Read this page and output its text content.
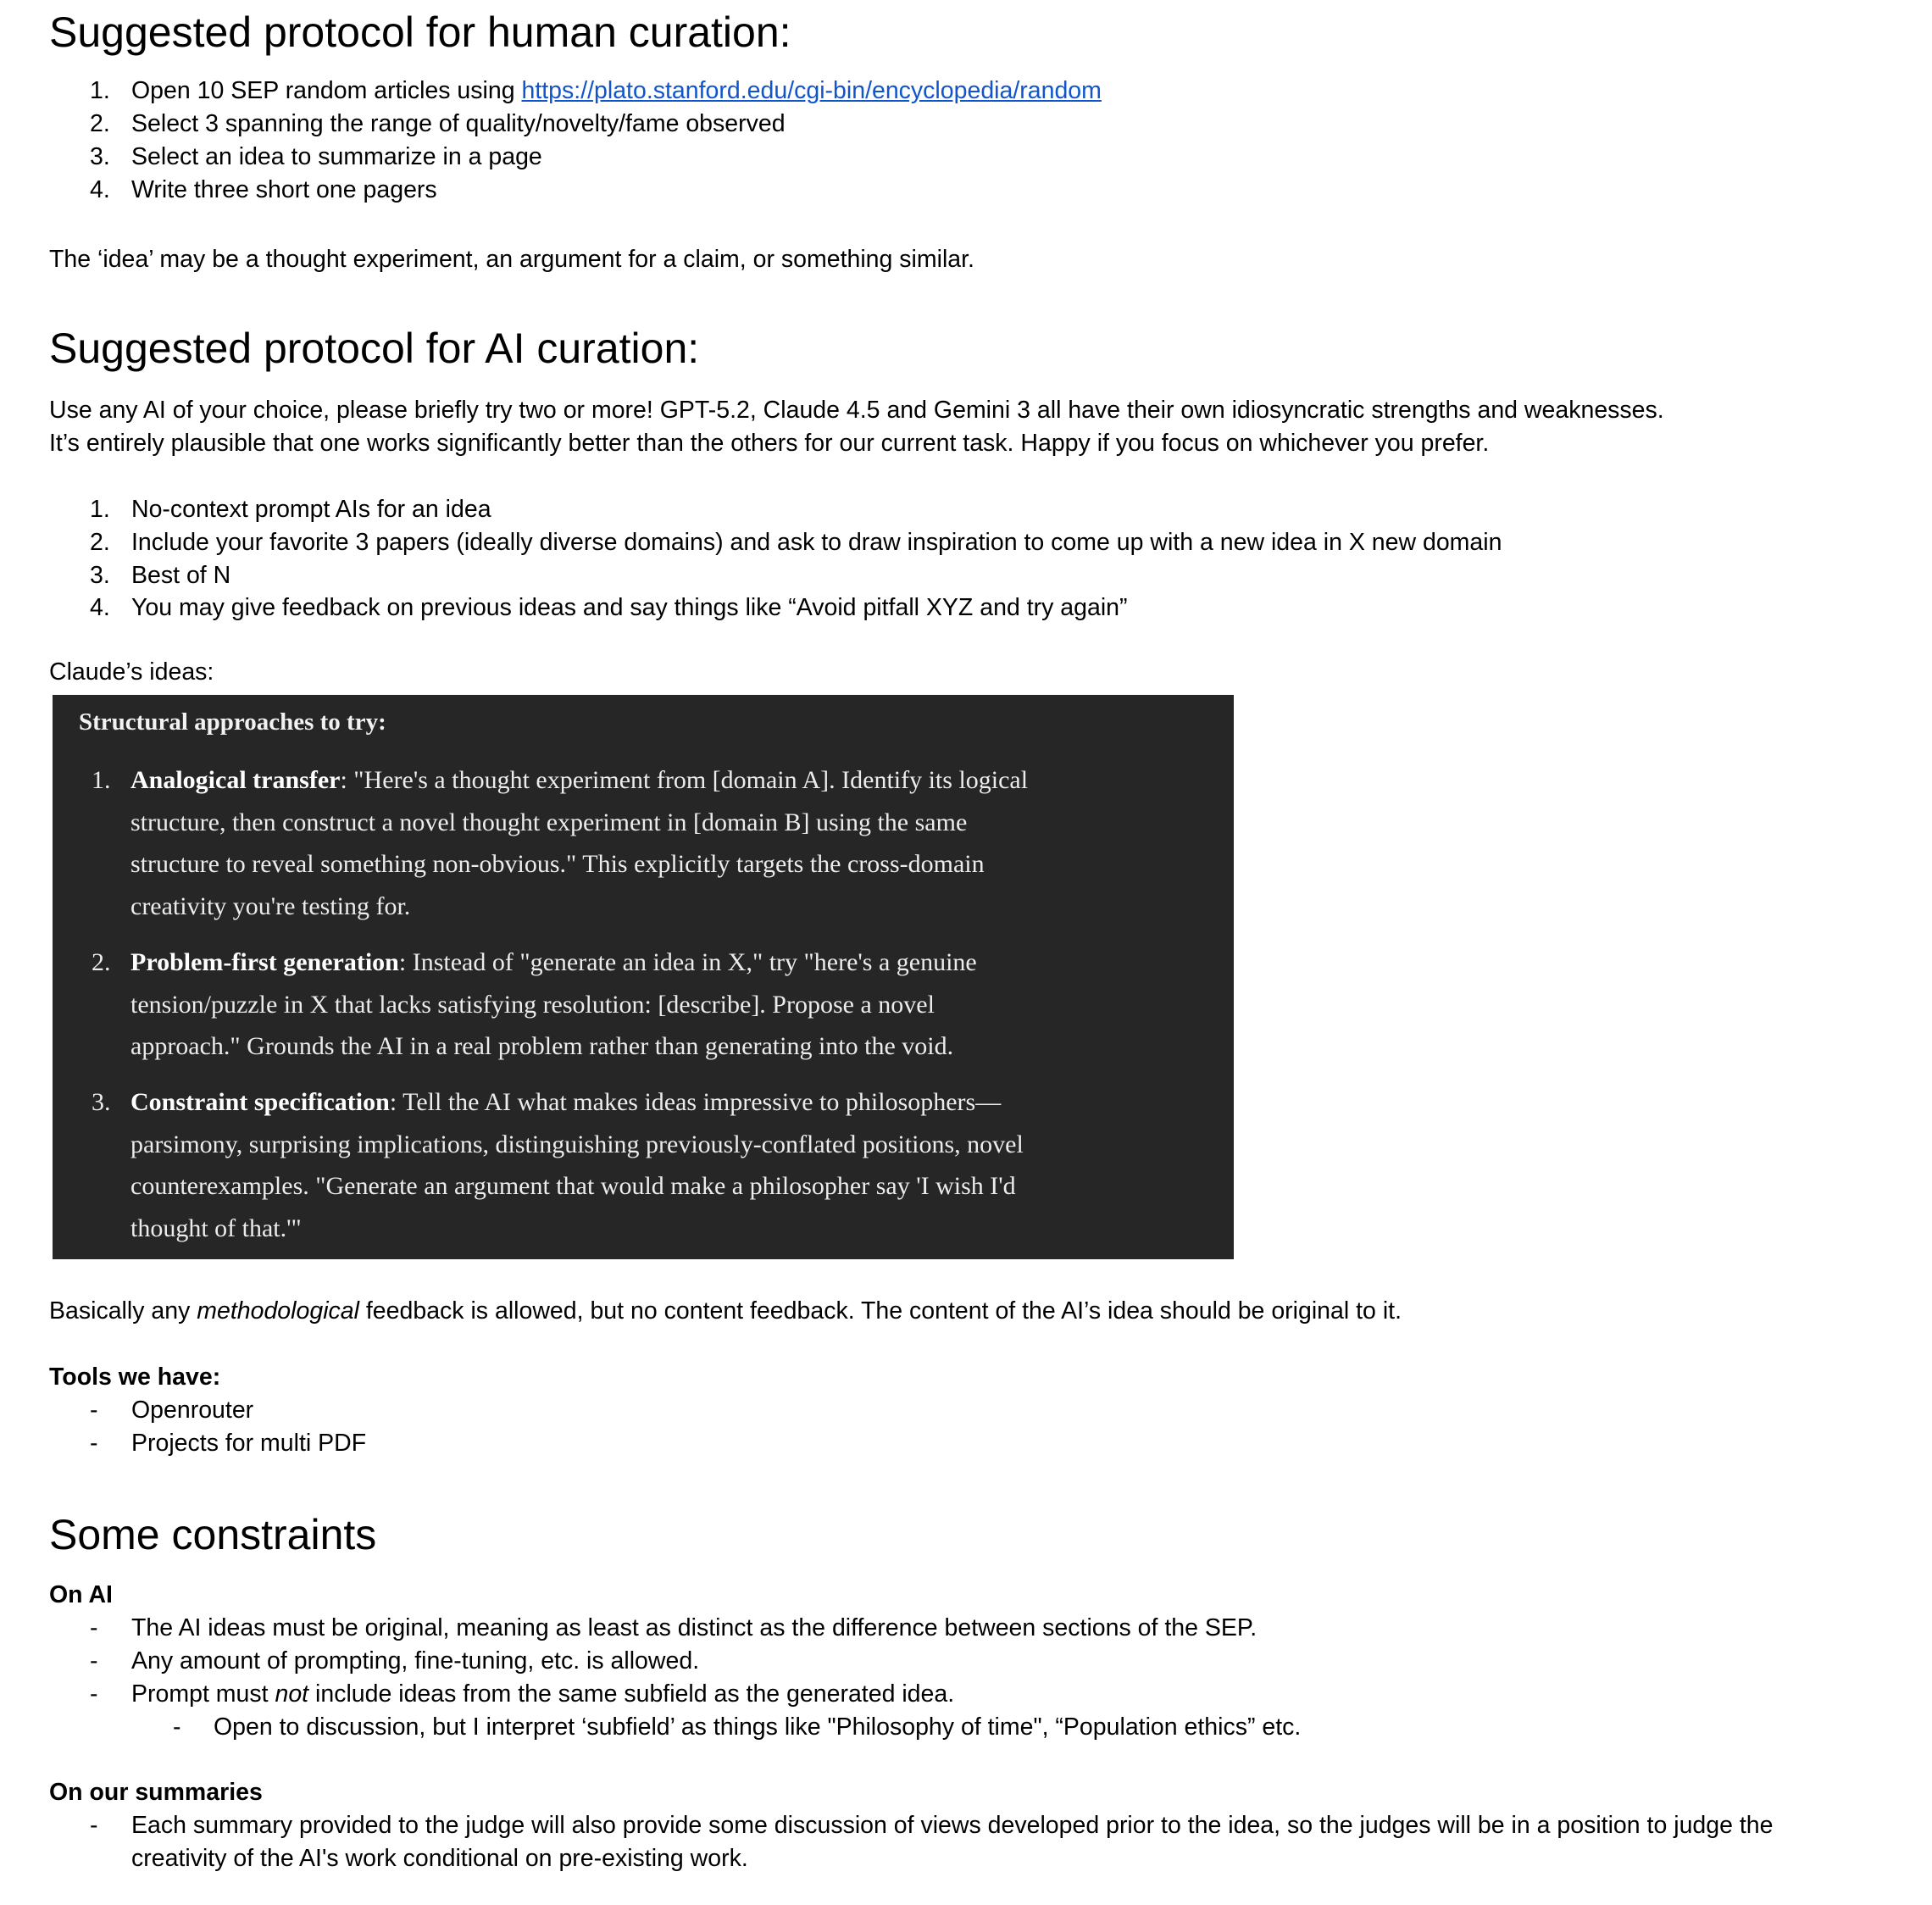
Suggested protocol for human curation:
1. Open 10 SEP random articles using https://plato.stanford.edu/cgi-bin/encyclopedia/random
2. Select 3 spanning the range of quality/novelty/fame observed
3. Select an idea to summarize in a page
4. Write three short one pagers
The ‘idea’ may be a thought experiment, an argument for a claim, or something similar.
Suggested protocol for AI curation:
Use any AI of your choice, please briefly try two or more! GPT-5.2, Claude 4.5 and Gemini 3 all have their own idiosyncratic strengths and weaknesses.
It’s entirely plausible that one works significantly better than the others for our current task. Happy if you focus on whichever you prefer.
1. No-context prompt AIs for an idea
2. Include your favorite 3 papers (ideally diverse domains) and ask to draw inspiration to come up with a new idea in X new domain
3. Best of N
4. You may give feedback on previous ideas and say things like “Avoid pitfall XYZ and try again”
Claude’s ideas:
Structural approaches to try:
1. Analogical transfer: "Here's a thought experiment from [domain A]. Identify its logical
structure, then construct a novel thought experiment in [domain B] using the same
structure to reveal something non-obvious." This explicitly targets the cross-domain
creativity you're testing for.
2. Problem-first generation: Instead of "generate an idea in X," try "here's a genuine
tension/puzzle in X that lacks satisfying resolution: [describe]. Propose a novel
approach." Grounds the AI in a real problem rather than generating into the void.
3. Constraint specification: Tell the AI what makes ideas impressive to philosophers—
parsimony, surprising implications, distinguishing previously-conflated positions, novel
counterexamples. "Generate an argument that would make a philosopher say 'I wish I'd
thought of that.'"
Basically any methodological feedback is allowed, but no content feedback. The content of the AI’s idea should be original to it.
Tools we have:
- Openrouter
- Projects for multi PDF
Some constraints
On AI
- The AI ideas must be original, meaning as least as distinct as the difference between sections of the SEP.
- Any amount of prompting, fine-tuning, etc. is allowed.
- Prompt must not include ideas from the same subfield as the generated idea.
- Open to discussion, but I interpret ‘subfield’ as things like "Philosophy of time", “Population ethics” etc.
On our summaries
- Each summary provided to the judge will also provide some discussion of views developed prior to the idea, so the judges will be in a position to judge the
creativity of the AI's work conditional on pre-existing work.
